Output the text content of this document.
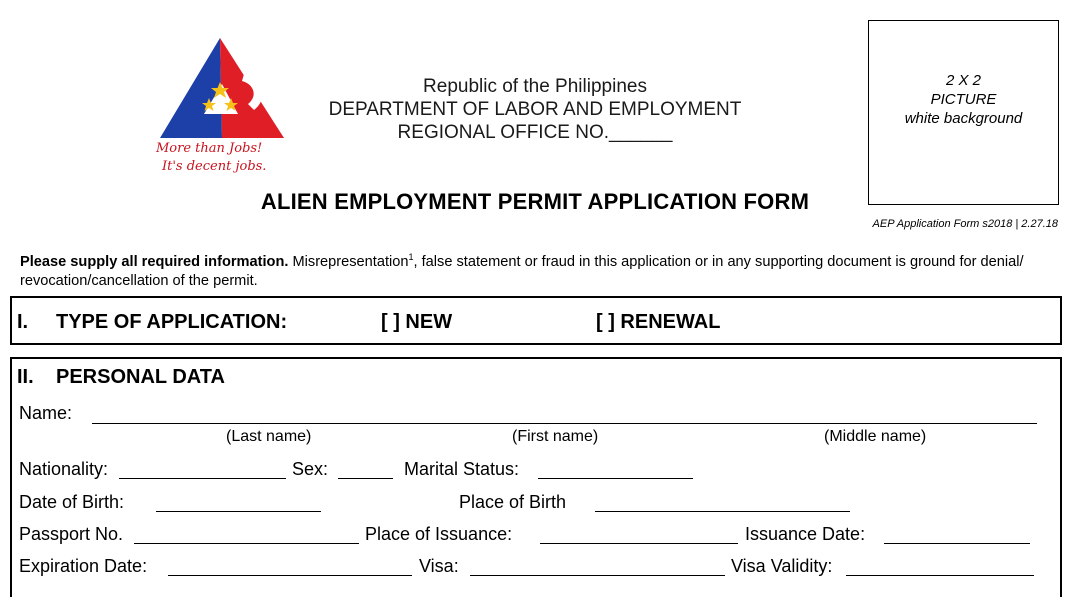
More than Jobs!
It's decent jobs.
Republic of the Philippines
DEPARTMENT OF LABOR AND EMPLOYMENT
REGIONAL OFFICE NO.______
ALIEN EMPLOYMENT PERMIT APPLICATION FORM
2 X 2
PICTURE
white background
AEP Application Form s2018 | 2.27.18
Please supply all required information. Misrepresentation$^1$, false statement or fraud in this application or in any supporting document is ground for denial/ revocation/cancellation of the permit.
I. TYPE OF APPLICATION:	[ ] NEW	[ ] RENEWAL
II. PERSONAL DATA
Name:
(Last name)	(First name)	(Middle name)
Nationality:	Sex:	Marital Status:
Date of Birth:	Place of Birth
Passport No.	Place of Issuance:	Issuance Date:
Expiration Date:	Visa:	Visa Validity:
